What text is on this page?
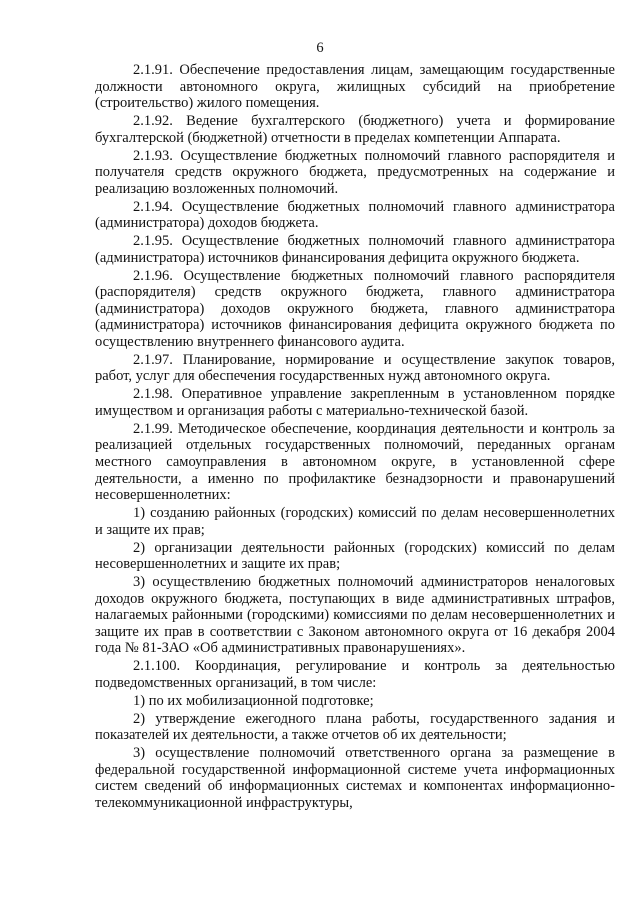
6

2.1.91. Обеспечение предоставления лицам, замещающим государственные должности автономного округа, жилищных субсидий на приобретение (строительство) жилого помещения.

2.1.92. Ведение бухгалтерского (бюджетного) учета и формирование бухгалтерской (бюджетной) отчетности в пределах компетенции Аппарата.

2.1.93. Осуществление бюджетных полномочий главного распорядителя и получателя средств окружного бюджета, предусмотренных на содержание и реализацию возложенных полномочий.

2.1.94. Осуществление бюджетных полномочий главного администратора (администратора) доходов бюджета.

2.1.95. Осуществление бюджетных полномочий главного администратора (администратора) источников финансирования дефицита окружного бюджета.

2.1.96. Осуществление бюджетных полномочий главного распорядителя (распорядителя) средств окружного бюджета, главного администратора (администратора) доходов окружного бюджета, главного администратора (администратора) источников финансирования дефицита окружного бюджета по осуществлению внутреннего финансового аудита.

2.1.97. Планирование, нормирование и осуществление закупок товаров, работ, услуг для обеспечения государственных нужд автономного округа.

2.1.98. Оперативное управление закрепленным в установленном порядке имуществом и организация работы с материально-технической базой.

2.1.99. Методическое обеспечение, координация деятельности и контроль за реализацией отдельных государственных полномочий, переданных органам местного самоуправления в автономном округе, в установленной сфере деятельности, а именно по профилактике безнадзорности и правонарушений несовершеннолетних:

1) созданию районных (городских) комиссий по делам несовершеннолетних и защите их прав;

2) организации деятельности районных (городских) комиссий по делам несовершеннолетних и защите их прав;

3) осуществлению бюджетных полномочий администраторов неналоговых доходов окружного бюджета, поступающих в виде административных штрафов, налагаемых районными (городскими) комиссиями по делам несовершеннолетних и защите их прав в соответствии с Законом автономного округа от 16 декабря 2004 года № 81-ЗАО «Об административных правонарушениях».

2.1.100. Координация, регулирование и контроль за деятельностью подведомственных организаций, в том числе:

1) по их мобилизационной подготовке;

2) утверждение ежегодного плана работы, государственного задания и показателей их деятельности, а также отчетов об их деятельности;

3) осуществление полномочий ответственного органа за размещение в федеральной государственной информационной системе учета информационных систем сведений об информационных системах и компонентах информационно-телекоммуникационной инфраструктуры,
